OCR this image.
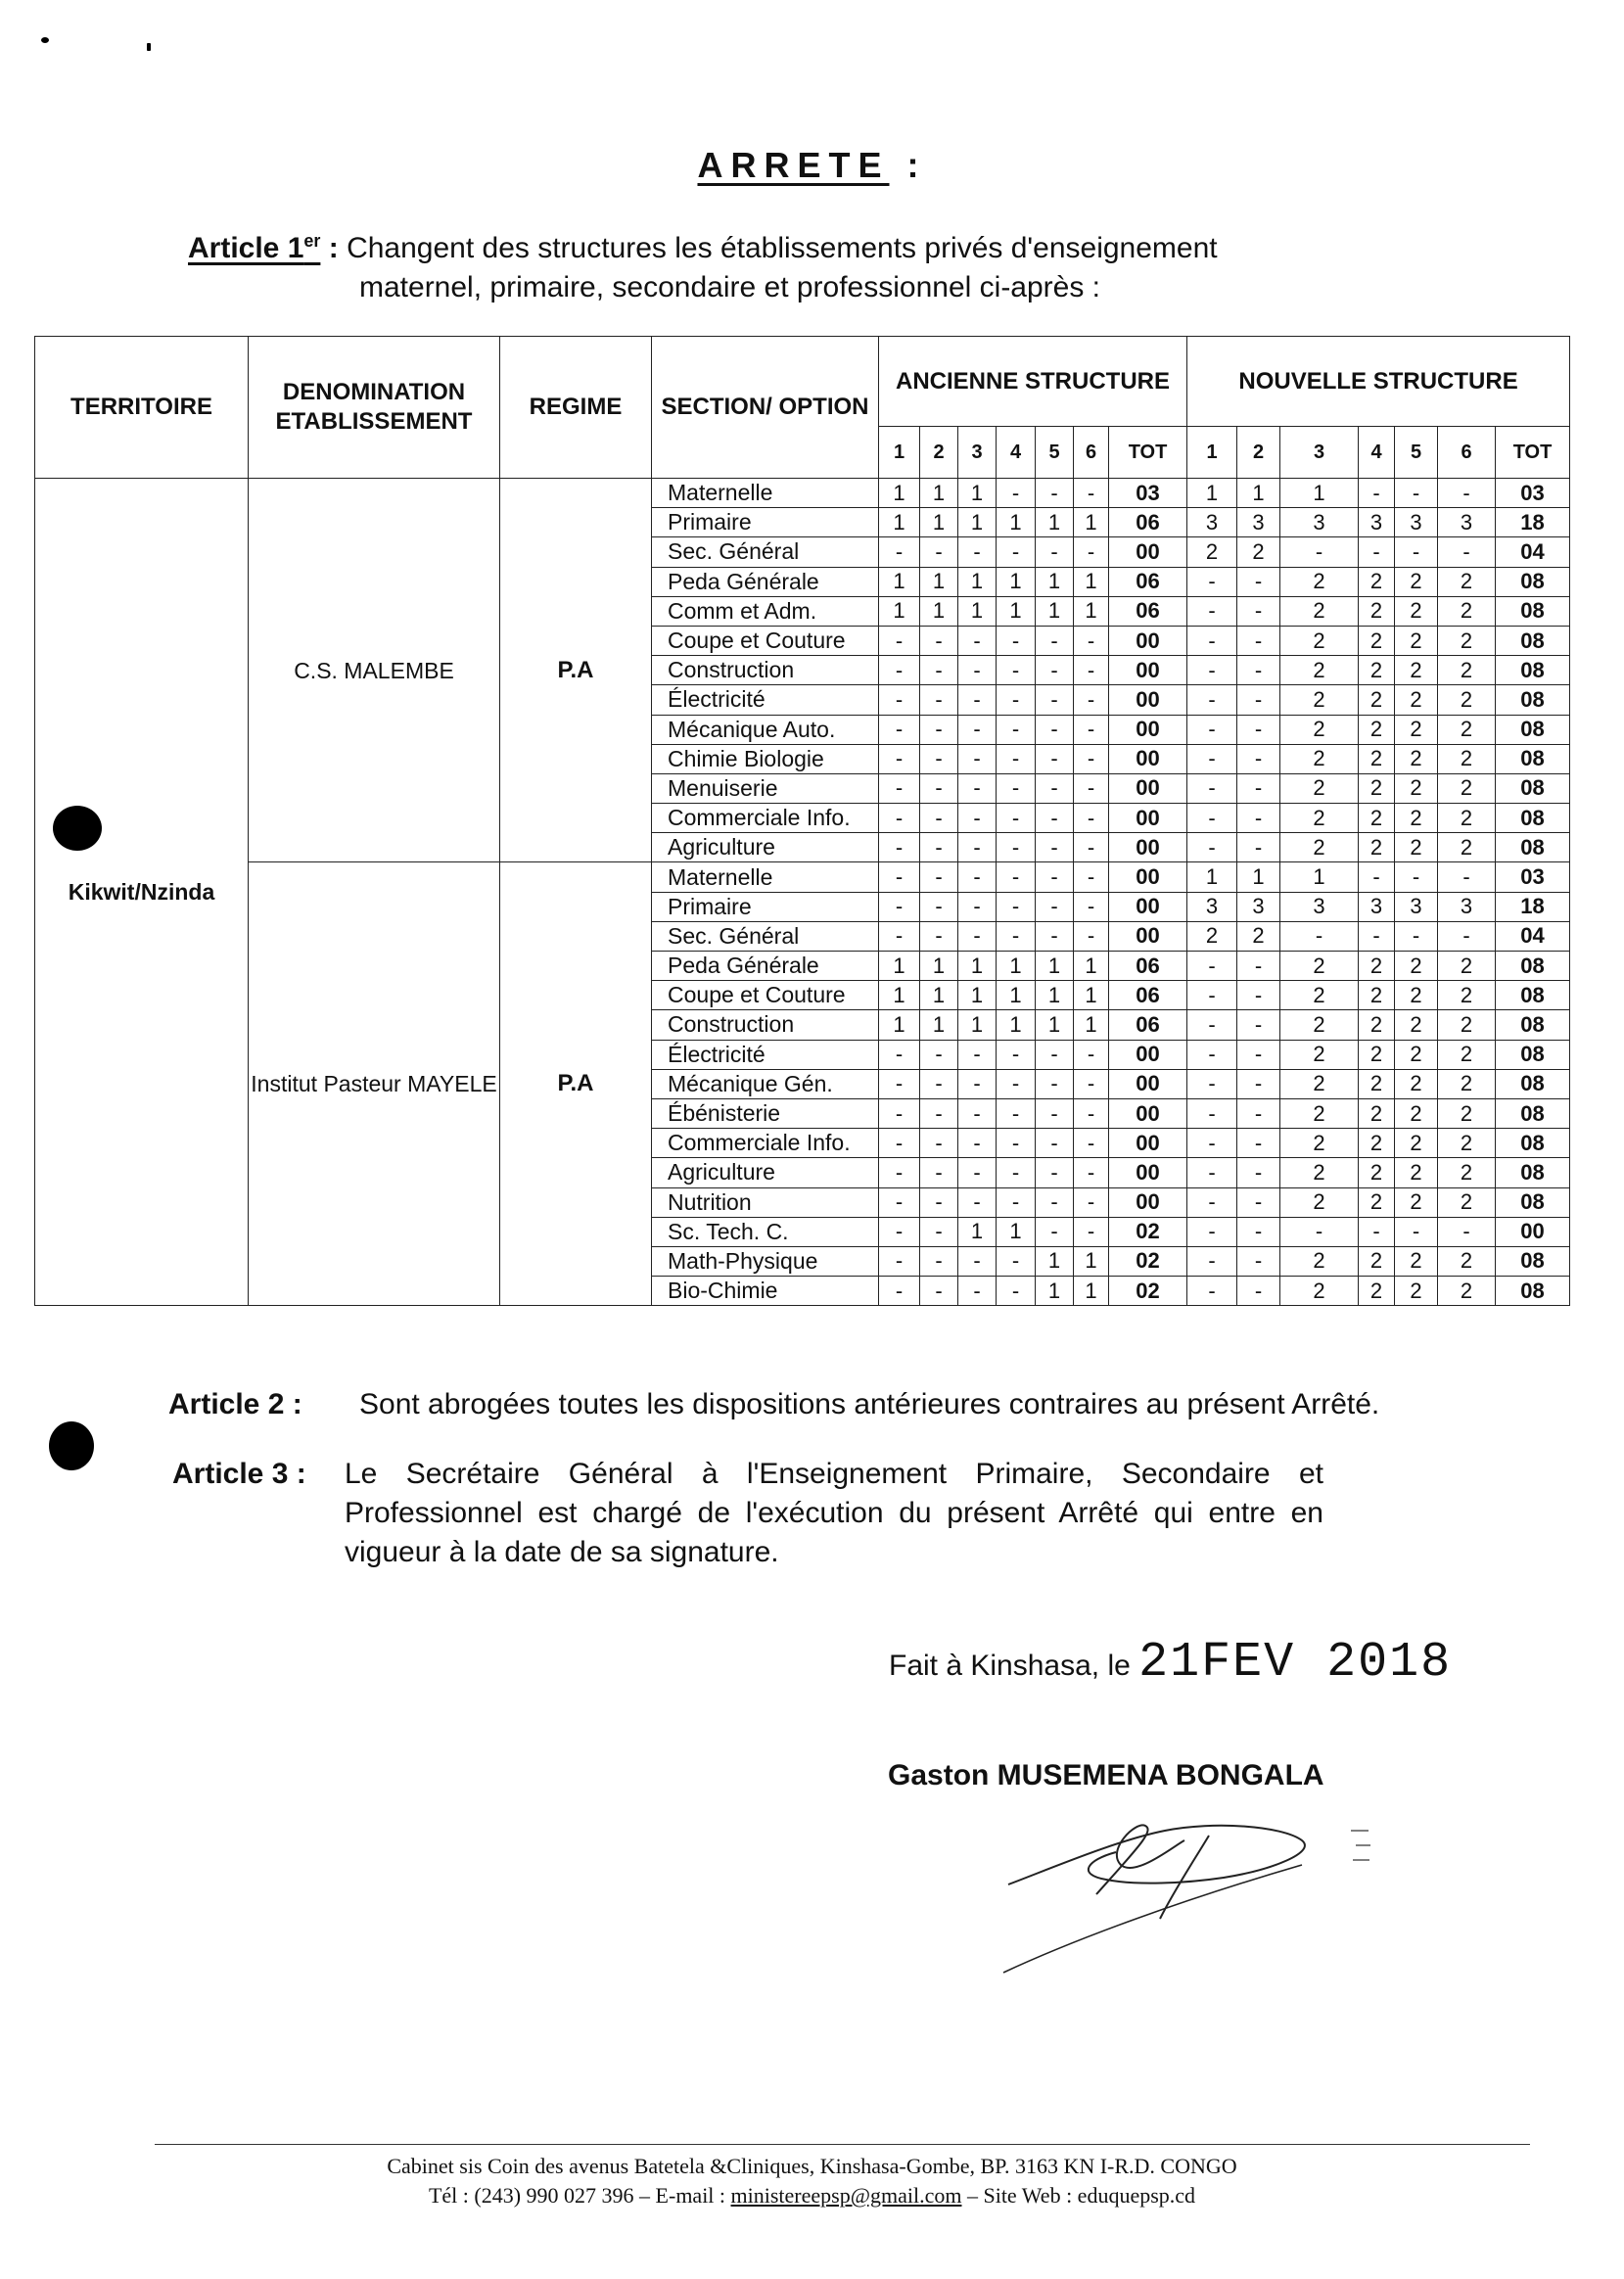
ARRETE :
Article 1er : Changent des structures les établissements privés d'enseignement
maternel, primaire, secondaire et professionnel ci-après :
TERRITOIRE	DENOMINATION ETABLISSEMENT	REGIME	SECTION/ OPTION	ANCIENNE STRUCTURE							NOUVELLE STRUCTURE						
				1	2	3	4	5	6	TOT	1	2	3	4	5	6	TOT
Kikwit/Nzinda	C.S. MALEMBE	P.A	Maternelle	1	1	1	-	-	-	03	1	1	1	-	-	-	03
			Primaire	1	1	1	1	1	1	06	3	3	3	3	3	3	18
			Sec. Général	-	-	-	-	-	-	00	2	2	-	-	-	-	04
			Peda Générale	1	1	1	1	1	1	06	-	-	2	2	2	2	08
			Comm et Adm.	1	1	1	1	1	1	06	-	-	2	2	2	2	08
			Coupe et Couture	-	-	-	-	-	-	00	-	-	2	2	2	2	08
			Construction	-	-	-	-	-	-	00	-	-	2	2	2	2	08
			Électricité	-	-	-	-	-	-	00	-	-	2	2	2	2	08
			Mécanique Auto.	-	-	-	-	-	-	00	-	-	2	2	2	2	08
			Chimie Biologie	-	-	-	-	-	-	00	-	-	2	2	2	2	08
			Menuiserie	-	-	-	-	-	-	00	-	-	2	2	2	2	08
			Commerciale Info.	-	-	-	-	-	-	00	-	-	2	2	2	2	08
			Agriculture	-	-	-	-	-	-	00	-	-	2	2	2	2	08
	Institut Pasteur MAYELE	P.A	Maternelle	-	-	-	-	-	-	00	1	1	1	-	-	-	03
			Primaire	-	-	-	-	-	-	00	3	3	3	3	3	3	18
			Sec. Général	-	-	-	-	-	-	00	2	2	-	-	-	-	04
			Peda Générale	1	1	1	1	1	1	06	-	-	2	2	2	2	08
			Coupe et Couture	1	1	1	1	1	1	06	-	-	2	2	2	2	08
			Construction	1	1	1	1	1	1	06	-	-	2	2	2	2	08
			Électricité	-	-	-	-	-	-	00	-	-	2	2	2	2	08
			Mécanique Gén.	-	-	-	-	-	-	00	-	-	2	2	2	2	08
			Ébénisterie	-	-	-	-	-	-	00	-	-	2	2	2	2	08
			Commerciale Info.	-	-	-	-	-	-	00	-	-	2	2	2	2	08
			Agriculture	-	-	-	-	-	-	00	-	-	2	2	2	2	08
			Nutrition	-	-	-	-	-	-	00	-	-	2	2	2	2	08
			Sc. Tech. C.	-	-	1	1	-	-	02	-	-	-	-	-	-	00
			Math-Physique	-	-	-	-	1	1	02	-	-	2	2	2	2	08
			Bio-Chimie	-	-	-	-	1	1	02	-	-	2	2	2	2	08
Article 2 : Sont abrogées toutes les dispositions antérieures contraires au présent Arrêté.
Article 3 : Le Secrétaire Général à l'Enseignement Primaire, Secondaire et Professionnel est chargé de l'exécution du présent Arrêté qui entre en vigueur à la date de sa signature.
Fait à Kinshasa, le 21FEV 2018
Gaston MUSEMENA BONGALA
Cabinet sis Coin des avenus Batetela &Cliniques, Kinshasa-Gombe, BP. 3163 KN I-R.D. CONGO
Tél : (243) 990 027 396 – E-mail : ministereepsp@gmail.com – Site Web : eduquepsp.cd
